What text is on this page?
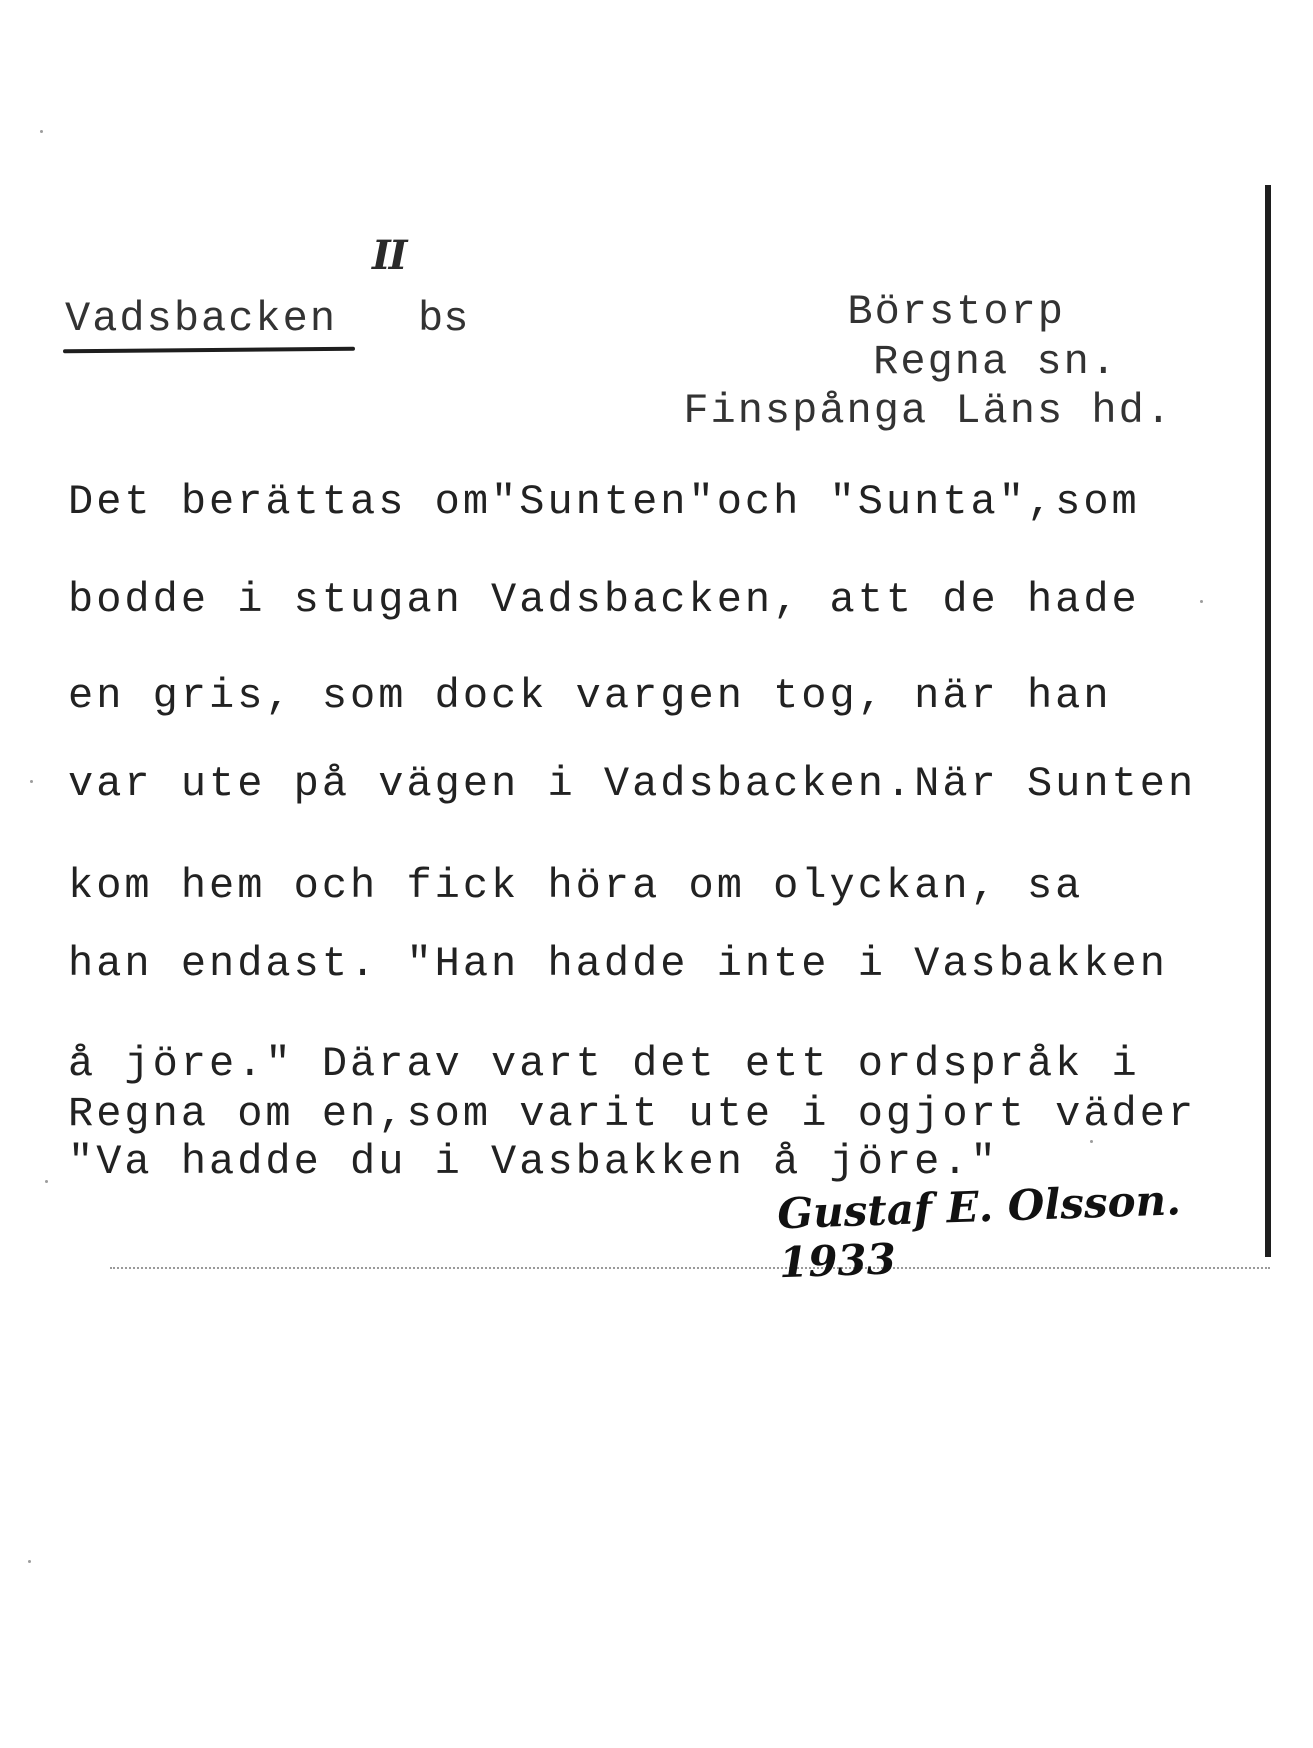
II
Vadsbacken bs	Börstorp
Regna sn.
Finspånga Läns hd.
Det berättas om"Sunten"och "Sunta",som
bodde i stugan Vadsbacken, att de hade
en gris, som dock vargen tog, när han
var ute på vägen i Vadsbacken.När Sunten
kom hem och fick höra om olyckan, sa
han endast. "Han hadde inte i Vasbakken
å jöre." Därav vart det ett ordspråk i
Regna om en,som varit ute i ogjort väder
"Va hadde du i Vasbakken å jöre."
Gustaf E. Olsson. 1933
